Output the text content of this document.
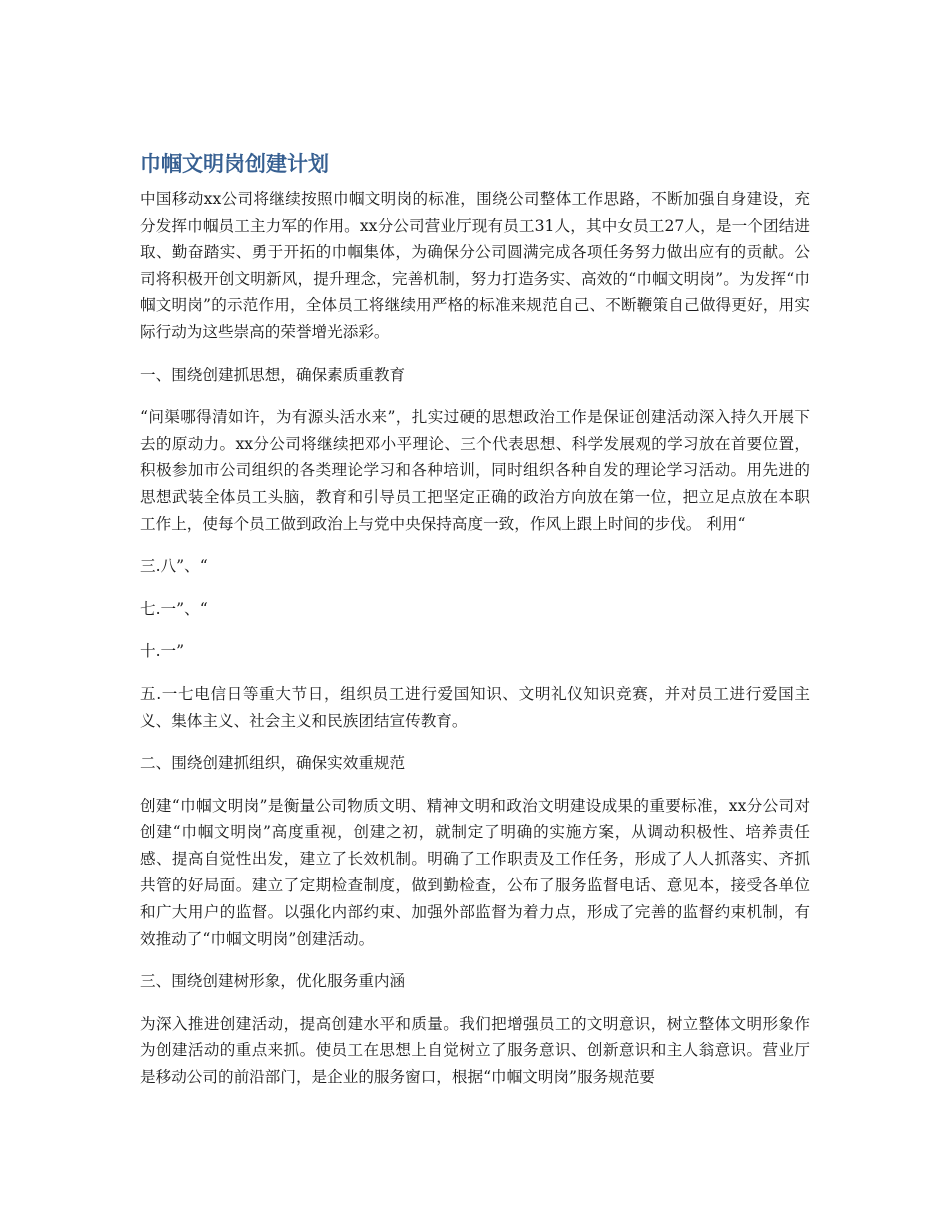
巾帼文明岗创建计划

中国移动xx公司将继续按照巾帼文明岗的标准，围绕公司整体工作思路，不断加强自身建设，充分发挥巾帼员工主力军的作用。xx分公司营业厅现有员工31人，其中女员工27人，是一个团结进取、勤奋踏实、勇于开拓的巾帼集体，为确保分公司圆满完成各项任务努力做出应有的贡献。公司将积极开创文明新风，提升理念，完善机制，努力打造务实、高效的“巾帼文明岗”。为发挥“巾帼文明岗”的示范作用，全体员工将继续用严格的标准来规范自己、不断鞭策自己做得更好，用实际行动为这些崇高的荣誉增光添彩。

一、围绕创建抓思想，确保素质重教育

“问渠哪得清如许，为有源头活水来”，扎实过硬的思想政治工作是保证创建活动深入持久开展下去的原动力。xx分公司将继续把邓小平理论、三个代表思想、科学发展观的学习放在首要位置，积极参加市公司组织的各类理论学习和各种培训，同时组织各种自发的理论学习活动。用先进的思想武装全体员工头脑，教育和引导员工把坚定正确的政治方向放在第一位，把立足点放在本职工作上，使每个员工做到政治上与党中央保持高度一致，作风上跟上时间的步伐。 利用“

三.八”、“

七.一”、“

十.一”

五.一七电信日等重大节日，组织员工进行爱国知识、文明礼仪知识竞赛，并对员工进行爱国主义、集体主义、社会主义和民族团结宣传教育。

二、围绕创建抓组织，确保实效重规范

创建“巾帼文明岗”是衡量公司物质文明、精神文明和政治文明建设成果的重要标准，xx分公司对创建“巾帼文明岗”高度重视，创建之初，就制定了明确的实施方案，从调动积极性、培养责任感、提高自觉性出发，建立了长效机制。明确了工作职责及工作任务，形成了人人抓落实、齐抓共管的好局面。建立了定期检查制度，做到勤检查，公布了服务监督电话、意见本，接受各单位和广大用户的监督。以强化内部约束、加强外部监督为着力点，形成了完善的监督约束机制，有效推动了“巾帼文明岗”创建活动。

三、围绕创建树形象，优化服务重内涵

为深入推进创建活动，提高创建水平和质量。我们把增强员工的文明意识，树立整体文明形象作为创建活动的重点来抓。使员工在思想上自觉树立了服务意识、创新意识和主人翁意识。营业厅是移动公司的前沿部门，是企业的服务窗口，根据“巾帼文明岗”服务规范要
